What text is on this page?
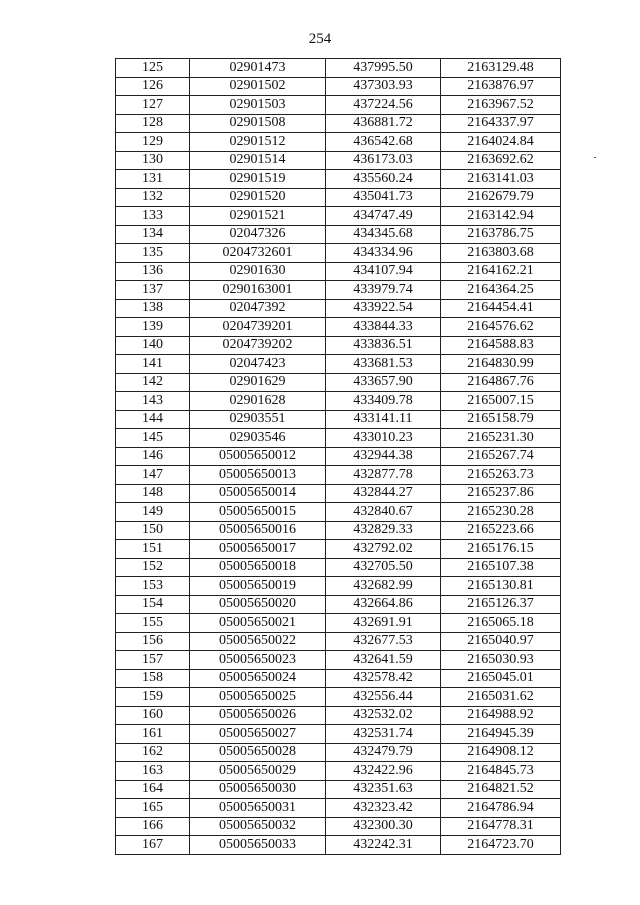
254
125	02901473	437995.50	2163129.48
126	02901502	437303.93	2163876.97
127	02901503	437224.56	2163967.52
128	02901508	436881.72	2164337.97
129	02901512	436542.68	2164024.84
130	02901514	436173.03	2163692.62
131	02901519	435560.24	2163141.03
132	02901520	435041.73	2162679.79
133	02901521	434747.49	2163142.94
134	02047326	434345.68	2163786.75
135	0204732601	434334.96	2163803.68
136	02901630	434107.94	2164162.21
137	0290163001	433979.74	2164364.25
138	02047392	433922.54	2164454.41
139	0204739201	433844.33	2164576.62
140	0204739202	433836.51	2164588.83
141	02047423	433681.53	2164830.99
142	02901629	433657.90	2164867.76
143	02901628	433409.78	2165007.15
144	02903551	433141.11	2165158.79
145	02903546	433010.23	2165231.30
146	05005650012	432944.38	2165267.74
147	05005650013	432877.78	2165263.73
148	05005650014	432844.27	2165237.86
149	05005650015	432840.67	2165230.28
150	05005650016	432829.33	2165223.66
151	05005650017	432792.02	2165176.15
152	05005650018	432705.50	2165107.38
153	05005650019	432682.99	2165130.81
154	05005650020	432664.86	2165126.37
155	05005650021	432691.91	2165065.18
156	05005650022	432677.53	2165040.97
157	05005650023	432641.59	2165030.93
158	05005650024	432578.42	2165045.01
159	05005650025	432556.44	2165031.62
160	05005650026	432532.02	2164988.92
161	05005650027	432531.74	2164945.39
162	05005650028	432479.79	2164908.12
163	05005650029	432422.96	2164845.73
164	05005650030	432351.63	2164821.52
165	05005650031	432323.42	2164786.94
166	05005650032	432300.30	2164778.31
167	05005650033	432242.31	2164723.70
